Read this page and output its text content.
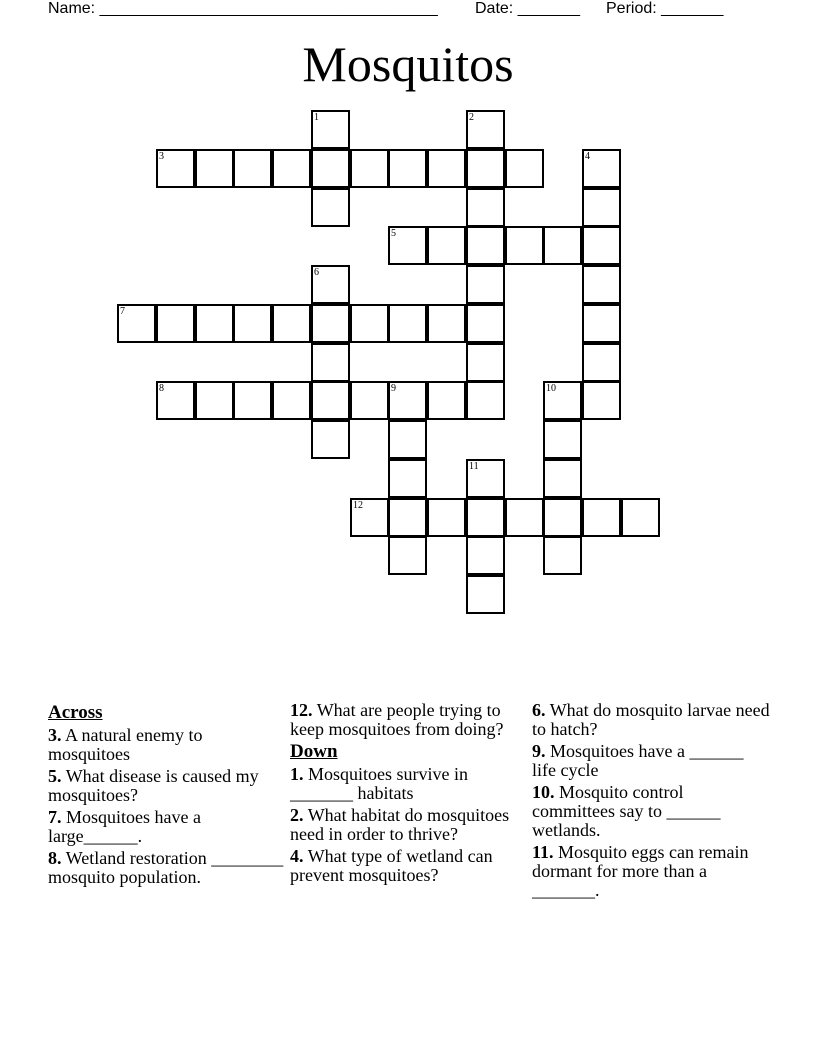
Name: ______________________________________ Date: _______ Period: _______
Mosquitos
1	2
3	4
5
6
7
8	9	10
11
12
Across
3. A natural enemy to mosquitoes
5. What disease is caused my mosquitoes?
7. Mosquitoes have a large______.
8. Wetland restoration ________ mosquito population.
12. What are people trying to keep mosquitoes from doing?
Down
1. Mosquitoes survive in _______ habitats
2. What habitat do mosquitoes need in order to thrive?
4. What type of wetland can prevent mosquitoes?
6. What do mosquito larvae need to hatch?
9. Mosquitoes have a ______ life cycle
10. Mosquito control committees say to ______ wetlands.
11. Mosquito eggs can remain dormant for more than a _______.
